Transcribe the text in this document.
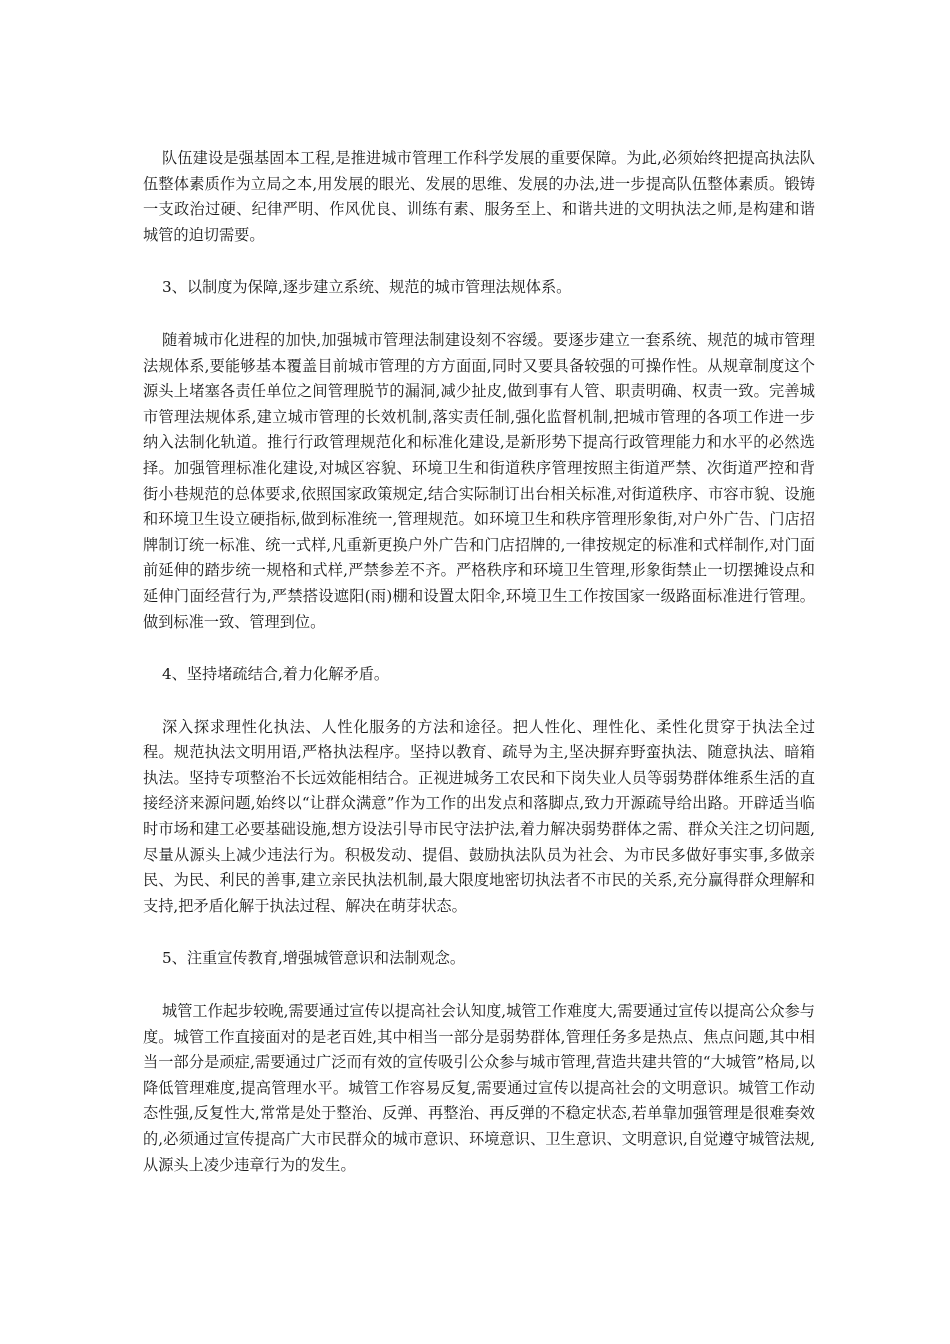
队伍建设是强基固本工程,是推进城市管理工作科学发展的重要保障。为此,必须始终把提高执法队伍整体素质作为立局之本,用发展的眼光、发展的思维、发展的办法,进一步提高队伍整体素质。锻铸一支政治过硬、纪律严明、作风优良、训练有素、服务至上、和谐共进的文明执法之师,是构建和谐城管的迫切需要。

3、以制度为保障,逐步建立系统、规范的城市管理法规体系。

随着城市化进程的加快,加强城市管理法制建设刻不容缓。要逐步建立一套系统、规范的城市管理法规体系,要能够基本覆盖目前城市管理的方方面面,同时又要具备较强的可操作性。从规章制度这个源头上堵塞各责任单位之间管理脱节的漏洞,减少扯皮,做到事有人管、职责明确、权责一致。完善城市管理法规体系,建立城市管理的长效机制,落实责任制,强化监督机制,把城市管理的各项工作进一步纳入法制化轨道。推行行政管理规范化和标准化建设,是新形势下提高行政管理能力和水平的必然选择。加强管理标准化建设,对城区容貌、环境卫生和街道秩序管理按照主街道严禁、次街道严控和背街小巷规范的总体要求,依照国家政策规定,结合实际制订出台相关标准,对街道秩序、市容市貌、设施和环境卫生设立硬指标,做到标准统一,管理规范。如环境卫生和秩序管理形象街,对户外广告、门店招牌制订统一标准、统一式样,凡重新更换户外广告和门店招牌的,一律按规定的标准和式样制作,对门面前延伸的踏步统一规格和式样,严禁参差不齐。严格秩序和环境卫生管理,形象街禁止一切摆摊设点和延伸门面经营行为,严禁搭设遮阳(雨)棚和设置太阳伞,环境卫生工作按国家一级路面标准进行管理。做到标准一致、管理到位。

4、坚持堵疏结合,着力化解矛盾。

深入探求理性化执法、人性化服务的方法和途径。把人性化、理性化、柔性化贯穿于执法全过程。规范执法文明用语,严格执法程序。坚持以教育、疏导为主,坚决摒弃野蛮执法、随意执法、暗箱执法。坚持专项整治不长远效能相结合。正视进城务工农民和下岗失业人员等弱势群体维系生活的直接经济来源问题,始终以“让群众满意”作为工作的出发点和落脚点,致力开源疏导给出路。开辟适当临时市场和建工必要基础设施,想方设法引导市民守法护法,着力解决弱势群体之需、群众关注之切问题,尽量从源头上减少违法行为。积极发动、提倡、鼓励执法队员为社会、为市民多做好事实事,多做亲民、为民、利民的善事,建立亲民执法机制,最大限度地密切执法者不市民的关系,充分赢得群众理解和支持,把矛盾化解于执法过程、解决在萌芽状态。

5、注重宣传教育,增强城管意识和法制观念。

城管工作起步较晚,需要通过宣传以提高社会认知度,城管工作难度大,需要通过宣传以提高公众参与度。城管工作直接面对的是老百姓,其中相当一部分是弱势群体,管理任务多是热点、焦点问题,其中相当一部分是顽症,需要通过广泛而有效的宣传吸引公众参与城市管理,营造共建共管的“大城管”格局,以降低管理难度,提高管理水平。城管工作容易反复,需要通过宣传以提高社会的文明意识。城管工作动态性强,反复性大,常常是处于整治、反弹、再整治、再反弹的不稳定状态,若单靠加强管理是很难奏效的,必须通过宣传提高广大市民群众的城市意识、环境意识、卫生意识、文明意识,自觉遵守城管法规,从源头上凌少违章行为的发生。
